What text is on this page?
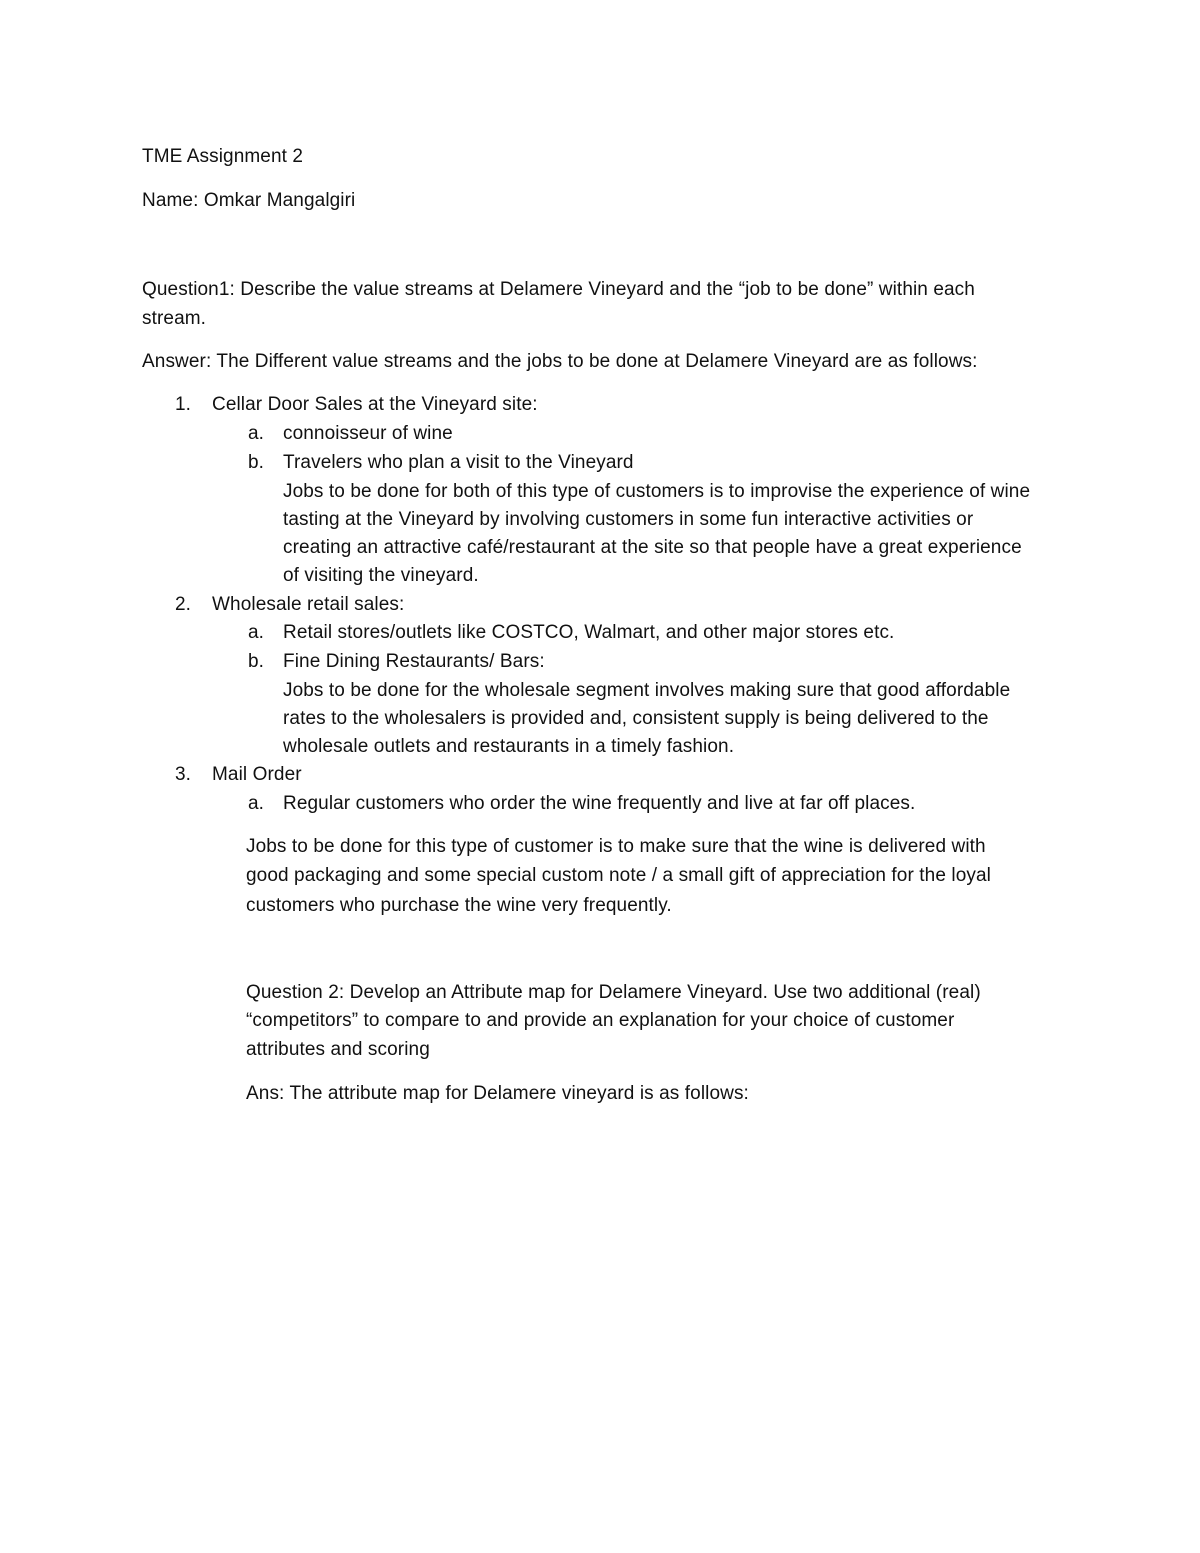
TME Assignment 2
Name: Omkar Mangalgiri
Question1: Describe the value streams at Delamere Vineyard and the “job to be done” within each
stream.
Answer: The Different value streams and the jobs to be done at Delamere Vineyard are as follows:
1. Cellar Door Sales at the Vineyard site:
a. connoisseur of wine
b. Travelers who plan a visit to the Vineyard
Jobs to be done for both of this type of customers is to improvise the experience of wine
tasting at the Vineyard by involving customers in some fun interactive activities or
creating an attractive café/restaurant at the site so that people have a great experience
of visiting the vineyard.
2. Wholesale retail sales:
a. Retail stores/outlets like COSTCO, Walmart, and other major stores etc.
b. Fine Dining Restaurants/ Bars:
Jobs to be done for the wholesale segment involves making sure that good affordable
rates to the wholesalers is provided and, consistent supply is being delivered to the
wholesale outlets and restaurants in a timely fashion.
3. Mail Order
a. Regular customers who order the wine frequently and live at far off places.
Jobs to be done for this type of customer is to make sure that the wine is delivered with
good packaging and some special custom note / a small gift of appreciation for the loyal
customers who purchase the wine very frequently.
Question 2: Develop an Attribute map for Delamere Vineyard. Use two additional (real)
“competitors” to compare to and provide an explanation for your choice of customer
attributes and scoring
Ans: The attribute map for Delamere vineyard is as follows:
